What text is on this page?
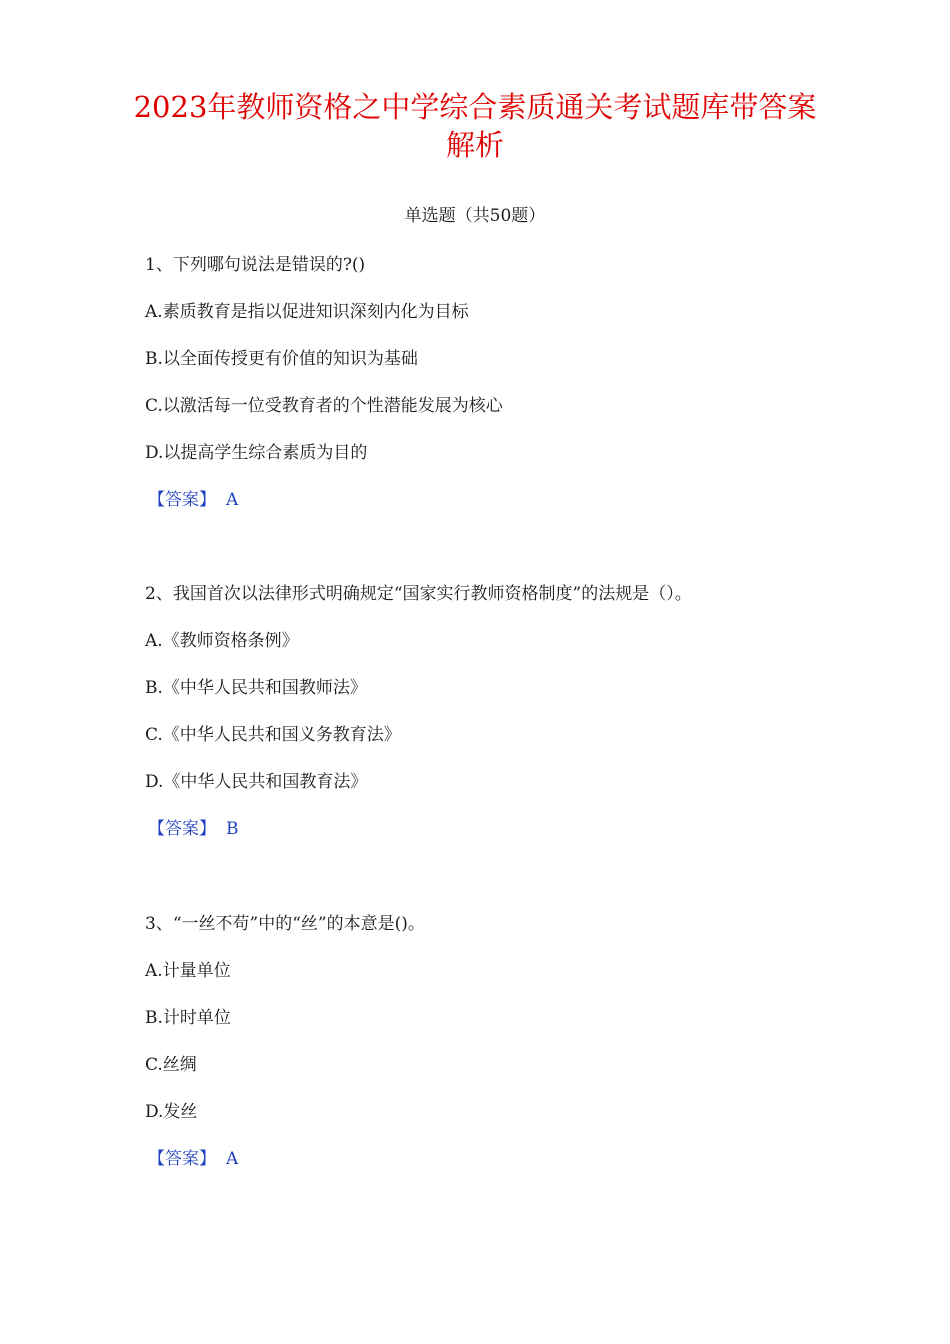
2023年教师资格之中学综合素质通关考试题库带答案解析
单选题（共50题）
1、下列哪句说法是错误的?()
A.素质教育是指以促进知识深刻内化为目标
B.以全面传授更有价值的知识为基础
C.以激活每一位受教育者的个性潜能发展为核心
D.以提高学生综合素质为目的
【答案】 A
2、我国首次以法律形式明确规定“国家实行教师资格制度”的法规是（）。
A.《教师资格条例》
B.《中华人民共和国教师法》
C.《中华人民共和国义务教育法》
D.《中华人民共和国教育法》
【答案】 B
3、“一丝不苟”中的“丝”的本意是()。
A.计量单位
B.计时单位
C.丝绸
D.发丝
【答案】 A
